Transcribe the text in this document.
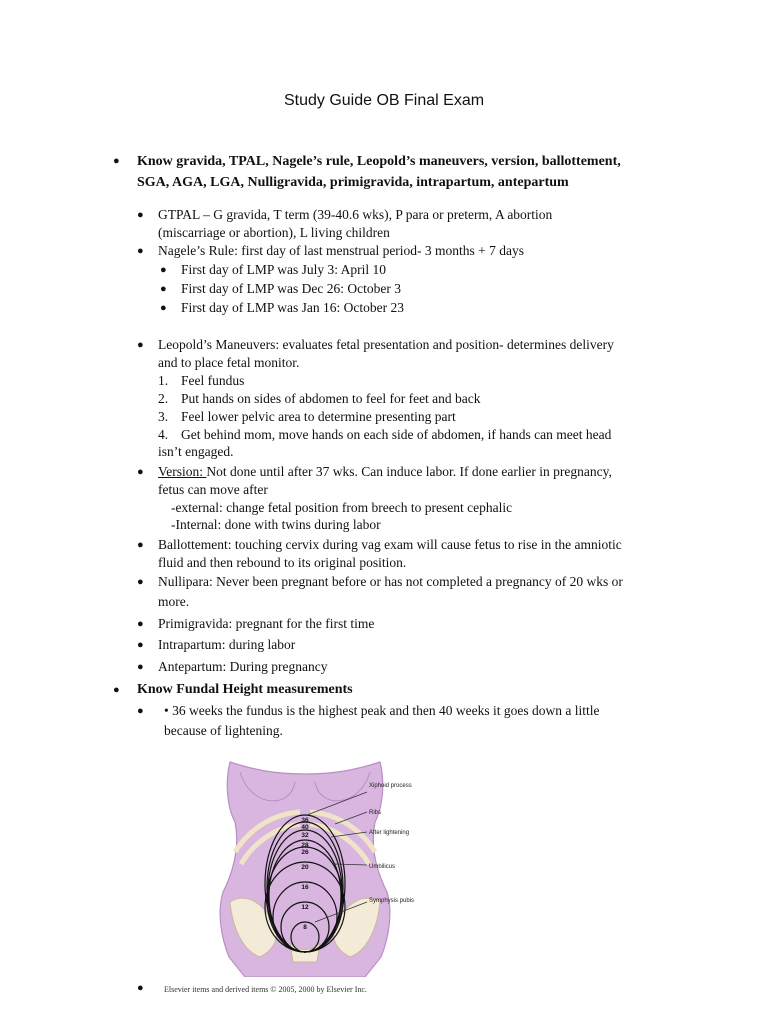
Study Guide OB Final Exam
● Know gravida, TPAL, Nagele’s rule, Leopold’s maneuvers, version, ballottement,
SGA, AGA, LGA, Nulligravida, primigravida, intrapartum, antepartum
● GTPAL – G gravida, T term (39-40.6 wks), P para or preterm, A abortion
(miscarriage or abortion), L living children
● Nagele’s Rule: first day of last menstrual period- 3 months + 7 days
● First day of LMP was July 3: April 10
● First day of LMP was Dec 26: October 3
● First day of LMP was Jan 16: October 23
● Leopold’s Maneuvers: evaluates fetal presentation and position- determines delivery
and to place fetal monitor.
1. Feel fundus
2. Put hands on sides of abdomen to feel for feet and back
3. Feel lower pelvic area to determine presenting part
4. Get behind mom, move hands on each side of abdomen, if hands can meet head
isn’t engaged.
● Version: Not done until after 37 wks. Can induce labor. If done earlier in pregnancy,
fetus can move after
-external: change fetal position from breech to present cephalic
-Internal: done with twins during labor
● Ballottement: touching cervix during vag exam will cause fetus to rise in the amniotic
fluid and then rebound to its original position.
● Nullipara: Never been pregnant before or has not completed a pregnancy of 20 wks or
more.
● Primigravida: pregnant for the first time
● Intrapartum: during labor
● Antepartum: During pregnancy
● Know Fundal Height measurements
● • 36 weeks the fundus is the highest peak and then 40 weeks it goes down a little
because of lightening.
36
40
32
28
26
20
16
12
8
Xiphoid process
Ribs
After lightening
Umbilicus
Symphysis pubis
●	Elsevier items and derived items © 2005, 2000 by Elsevier Inc.
